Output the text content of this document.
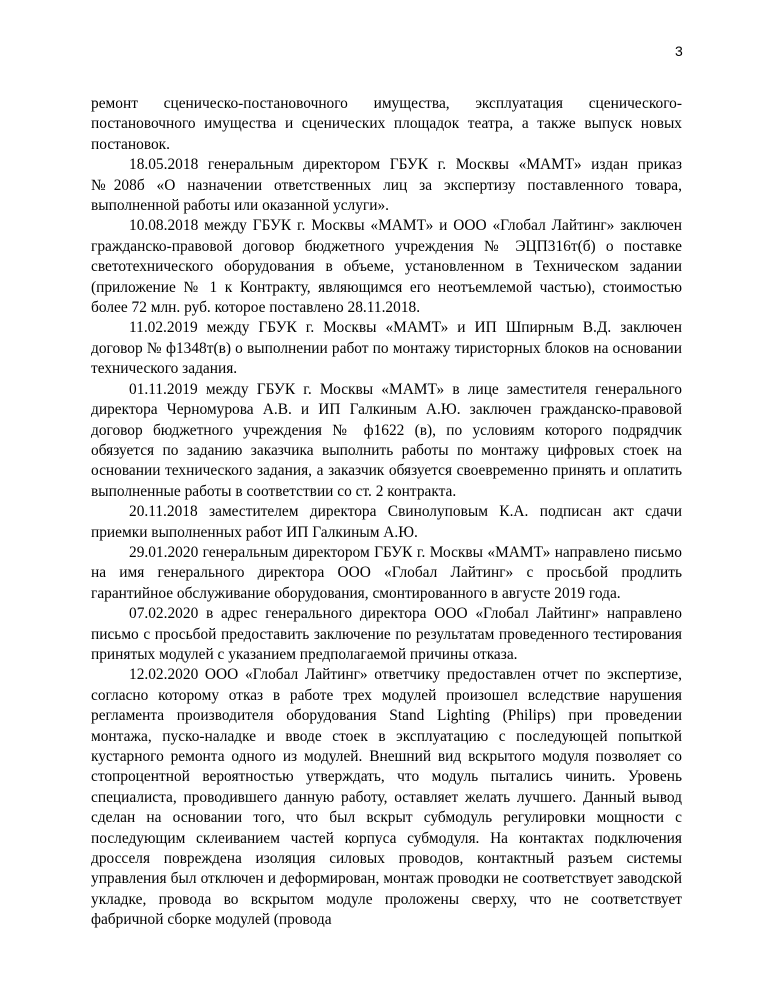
3

ремонт сценическо-постановочного имущества, эксплуатация сценического-постановочного имущества и сценических площадок театра, а также выпуск новых постановок.

18.05.2018 генеральным директором ГБУК г. Москвы «МАМТ» издан приказ №208б «О назначении ответственных лиц за экспертизу поставленного товара, выполненной работы или оказанной услуги».

10.08.2018 между ГБУК г. Москвы «МАМТ» и ООО «Глобал Лайтинг» заключен гражданско-правовой договор бюджетного учреждения № ЭЦП316т(б) о поставке светотехнического оборудования в объеме, установленном в Техническом задании (приложение № 1 к Контракту, являющимся его неотъемлемой частью), стоимостью более 72 млн. руб. которое поставлено 28.11.2018.

11.02.2019 между ГБУК г. Москвы «МАМТ» и ИП Шпирным В.Д. заключен договор № ф1348т(в) о выполнении работ по монтажу тиристорных блоков на основании технического задания.

01.11.2019 между ГБУК г. Москвы «МАМТ» в лице заместителя генерального директора Черномурова А.В. и ИП Галкиным А.Ю. заключен гражданско-правовой договор бюджетного учреждения № ф1622 (в), по условиям которого подрядчик обязуется по заданию заказчика выполнить работы по монтажу цифровых стоек на основании технического задания, а заказчик обязуется своевременно принять и оплатить выполненные работы в соответствии со ст. 2 контракта.

20.11.2018 заместителем директора Свинолуповым К.А. подписан акт сдачи приемки выполненных работ ИП Галкиным А.Ю.

29.01.2020 генеральным директором ГБУК г. Москвы «МАМТ» направлено письмо на имя генерального директора ООО «Глобал Лайтинг» с просьбой продлить гарантийное обслуживание оборудования, смонтированного в августе 2019 года.

07.02.2020 в адрес генерального директора ООО «Глобал Лайтинг» направлено письмо с просьбой предоставить заключение по результатам проведенного тестирования принятых модулей с указанием предполагаемой причины отказа.

12.02.2020 ООО «Глобал Лайтинг» ответчику предоставлен отчет по экспертизе, согласно которому отказ в работе трех модулей произошел вследствие нарушения регламента производителя оборудования Stand Lighting (Philips) при проведении монтажа, пуско-наладке и вводе стоек в эксплуатацию с последующей попыткой кустарного ремонта одного из модулей. Внешний вид вскрытого модуля позволяет со стопроцентной вероятностью утверждать, что модуль пытались чинить. Уровень специалиста, проводившего данную работу, оставляет желать лучшего. Данный вывод сделан на основании того, что был вскрыт субмодуль регулировки мощности с последующим склеиванием частей корпуса субмодуля. На контактах подключения дросселя повреждена изоляция силовых проводов, контактный разъем системы управления был отключен и деформирован, монтаж проводки не соответствует заводской укладке, провода во вскрытом модуле проложены сверху, что не соответствует фабричной сборке модулей (провода
